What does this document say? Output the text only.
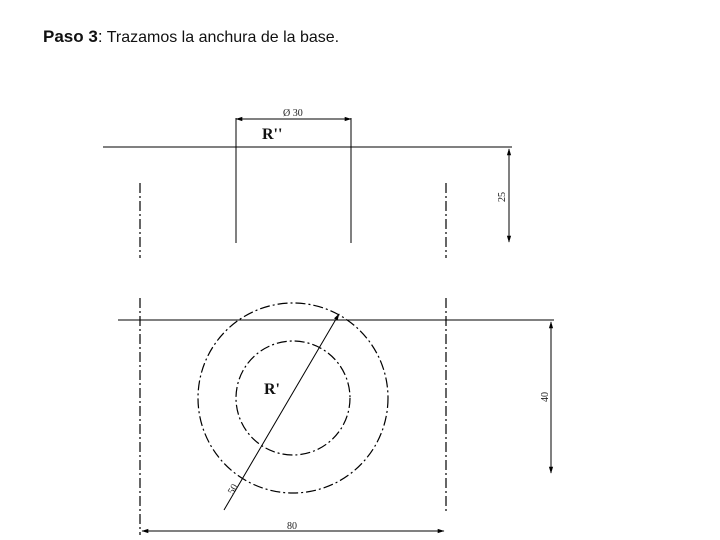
Paso 3: Trazamos la anchura de la base.
Ø 30
R''
25
R'
50
40
80
